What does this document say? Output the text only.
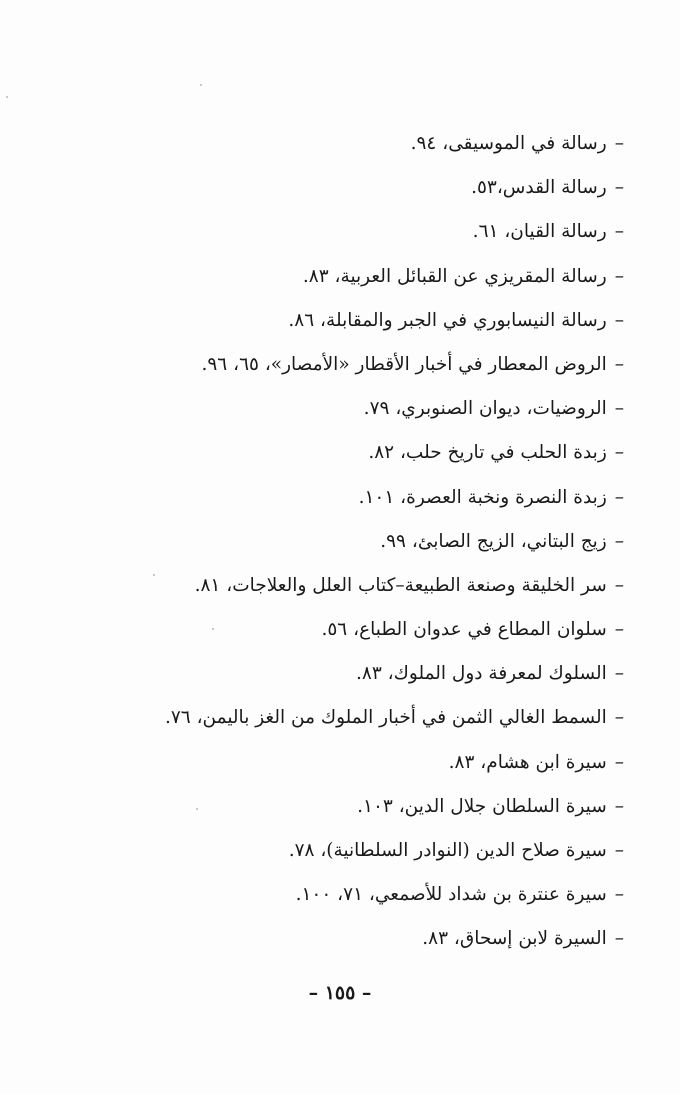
–رسالة في الموسيقى، ٩٤.
–رسالة القدس،٥٣.
–رسالة القيان، ٦١.
–رسالة المقريزي عن القبائل العربية، ٨٣.
–رسالة النيسابوري في الجبر والمقابلة، ٨٦.
–الروض المعطار في أخبار الأقطار «الأمصار»، ٦٥، ٩٦.
–الروضيات، ديوان الصنوبري، ٧٩.
–زبدة الحلب في تاريخ حلب، ٨٢.
–زبدة النصرة ونخبة العصرة، ١٠١.
–زيج البتاني، الزيج الصابئ، ٩٩.
–سر الخليقة وصنعة الطبيعة–كتاب العلل والعلاجات، ٨١.
–سلوان المطاع في عدوان الطباع، ٥٦.
–السلوك لمعرفة دول الملوك، ٨٣.
–السمط الغالي الثمن في أخبار الملوك من الغز باليمن، ٧٦.
–سيرة ابن هشام، ٨٣.
–سيرة السلطان جلال الدين، ١٠٣.
–سيرة صلاح الدين (النوادر السلطانية)، ٧٨.
–سيرة عنترة بن شداد للأصمعي، ٧١، ١٠٠.
–السيرة لابن إسحاق، ٨٣.
– ١٥٥ –
